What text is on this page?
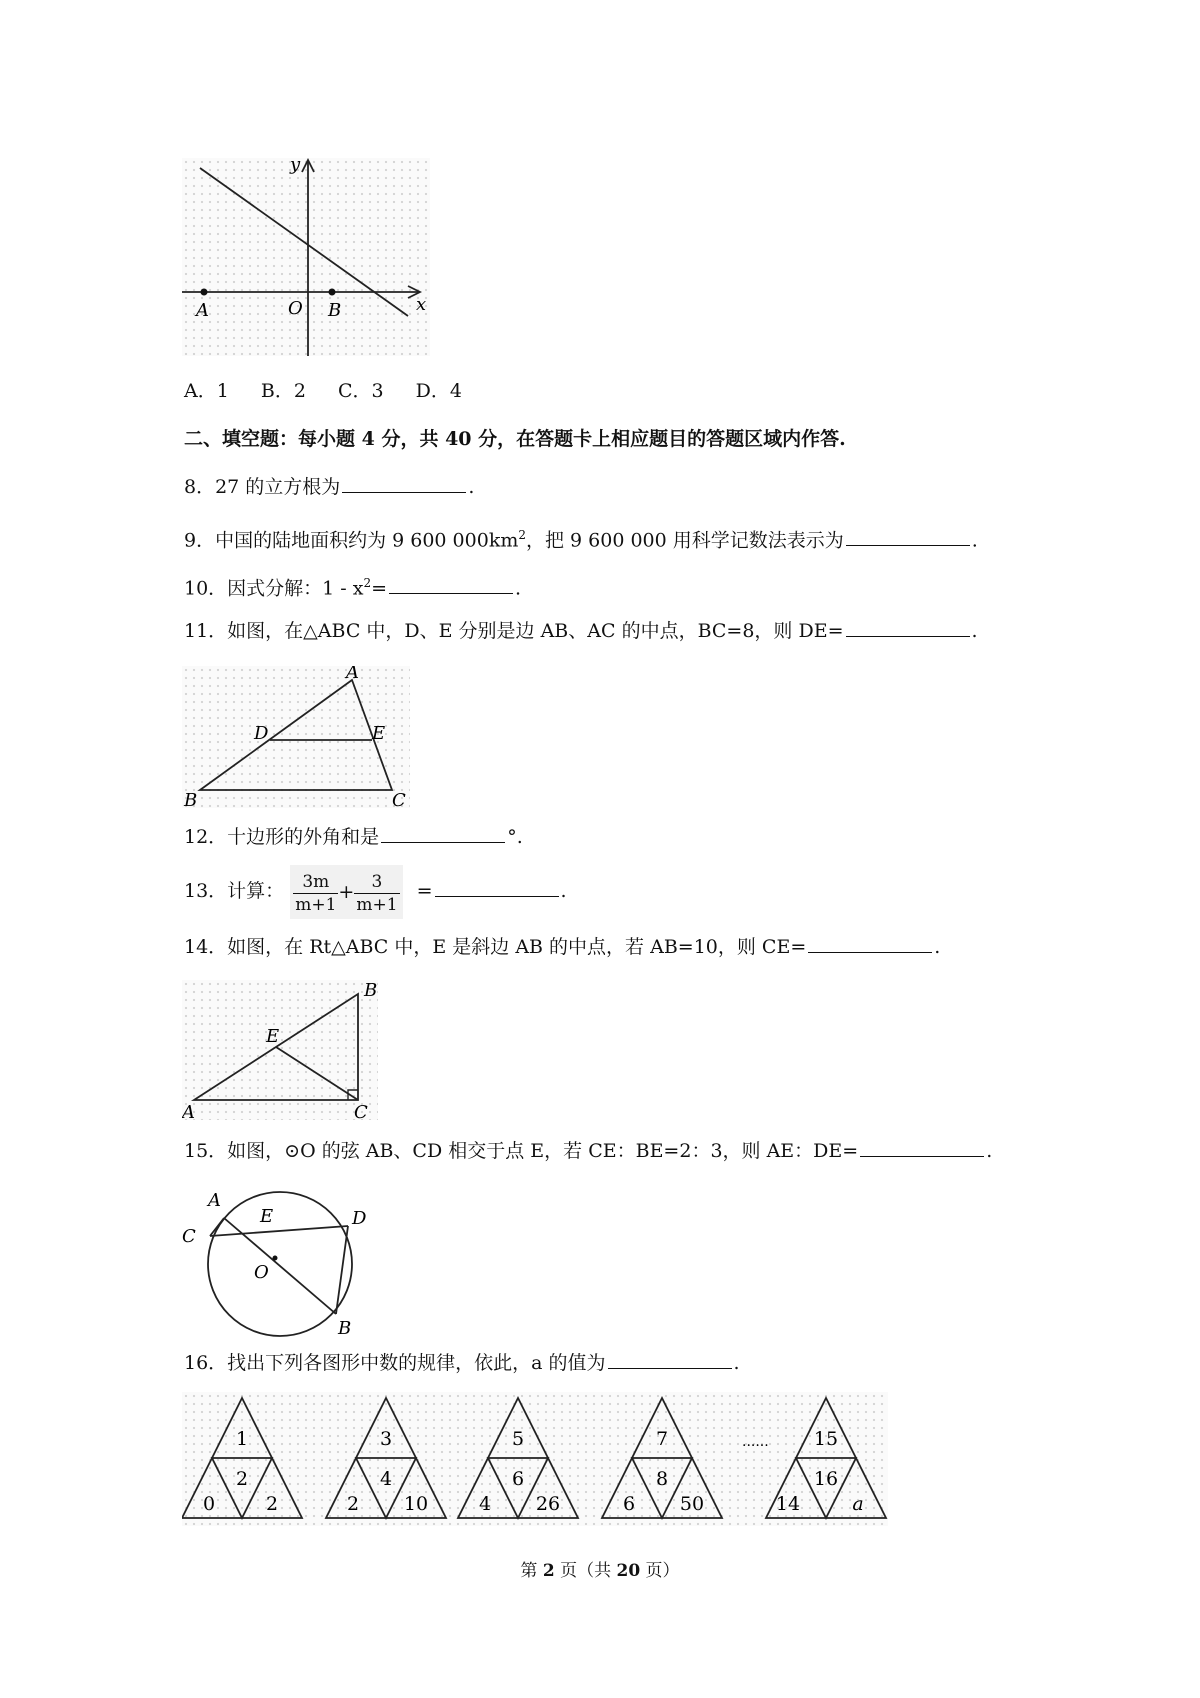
y
x
O
A	B
A．1 B．2 C．3 D．4
二、填空题：每小题 4 分，共 40 分，在答题卡上相应题目的答题区域内作答.
8．27 的立方根为	.
9．中国的陆地面积约为 9 600 $000km^2$，把 9 600 000 用科学记数法表示为	.
10．因式分解：$1 - x^2=$	.
11．如图，在△ABC 中，D、E 分别是边 AB、AC 的中点，BC=8，则 DE=	.
A
B	C
D	E
12．十边形的外角和是	°.
13．计算： $\frac{3m}{m+1} + \frac{3}{m+1}$ =	.
14．如图，在 Rt△ABC 中，E 是斜边 AB 的中点，若 AB=10，则 CE=	.
A
B
C
E
15．如图，⊙O 的弦 AB、CD 相交于点 E，若 CE：BE=2：3，则 AE：DE=	.
A
B
C
D
E
O
16．找出下列各图形中数的规律，依此，a 的值为	.
1
2
0	2
3
4
2 10
5
6
4 26
7
8
6 50
...... 15
16
14	a
第 2 页（共 20 页）
